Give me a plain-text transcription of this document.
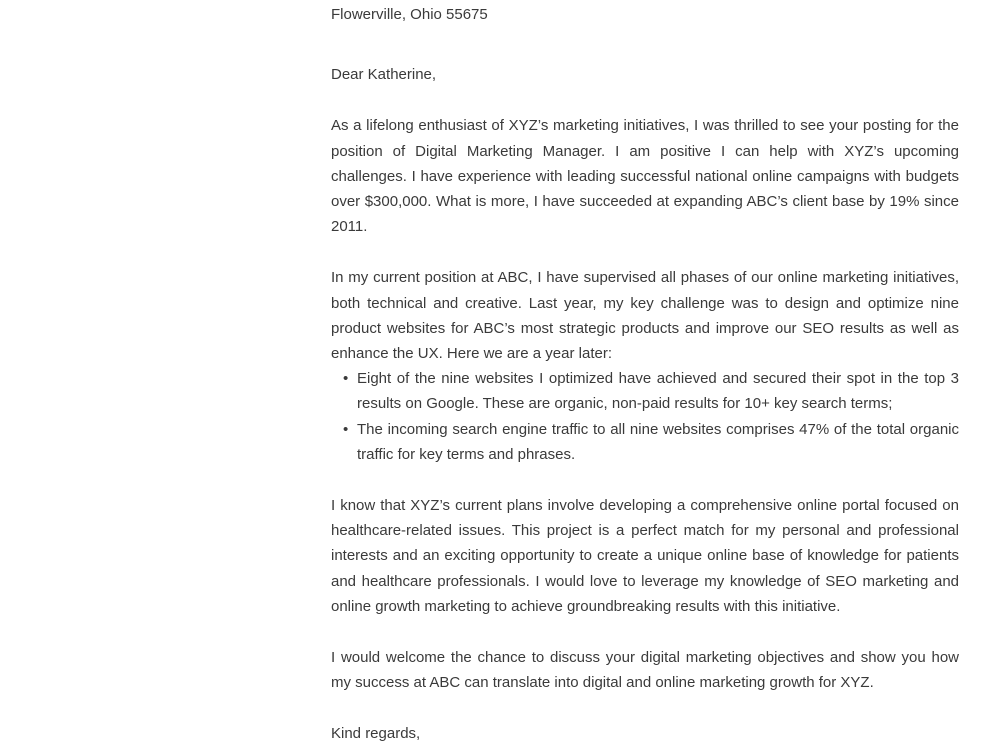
Flowerville, Ohio 55675

Dear Katherine,

As a lifelong enthusiast of XYZ’s marketing initiatives, I was thrilled to see your posting for the position of Digital Marketing Manager. I am positive I can help with XYZ’s upcoming challenges. I have experience with leading successful national online campaigns with budgets over $300,000. What is more, I have succeeded at expanding ABC’s client base by 19% since 2011.

In my current position at ABC, I have supervised all phases of our online marketing initiatives, both technical and creative. Last year, my key challenge was to design and optimize nine product websites for ABC’s most strategic products and improve our SEO results as well as enhance the UX. Here we are a year later:

• Eight of the nine websites I optimized have achieved and secured their spot in the top 3 results on Google. These are organic, non-paid results for 10+ key search terms;
• The incoming search engine traffic to all nine websites comprises 47% of the total organic traffic for key terms and phrases.

I know that XYZ’s current plans involve developing a comprehensive online portal focused on healthcare-related issues. This project is a perfect match for my personal and professional interests and an exciting opportunity to create a unique online base of knowledge for patients and healthcare professionals. I would love to leverage my knowledge of SEO marketing and online growth marketing to achieve groundbreaking results with this initiative.

I would welcome the chance to discuss your digital marketing objectives and show you how my success at ABC can translate into digital and online marketing growth for XYZ.

Kind regards,
